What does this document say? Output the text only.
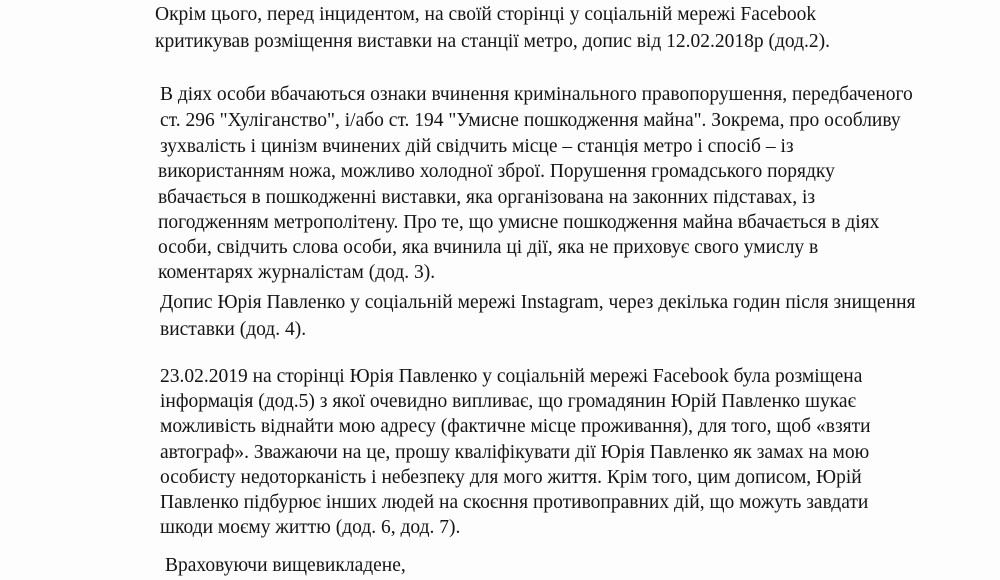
Окрім цього, перед інцидентом, на своїй сторінці у соціальній мережі Facebook
критикував розміщення виставки на станції метро, допис від 12.02.2018р (дод.2).
В діях особи вбачаються ознаки вчинення кримінального правопорушення, передбаченого
ст. 296 "Хуліганство", і/або ст. 194 "Умисне пошкодження майна". Зокрема, про особливу
зухвалість і цинізм вчинених дій свідчить місце – станція метро і спосіб – із
використанням ножа, можливо холодної зброї. Порушення громадського порядку
вбачається в пошкодженні виставки, яка організована на законних підставах, із
погодженням метрополітену. Про те, що умисне пошкодження майна вбачається в діях
особи, свідчить слова особи, яка вчинила ці дії, яка не приховує свого умислу в
коментарях журналістам (дод. 3).
Допис Юрія Павленко у соціальній мережі Instagram, через декілька годин після знищення
виставки (дод. 4).
23.02.2019 на сторінці Юрія Павленко у соціальній мережі Facebook була розміщена
інформація (дод.5) з якої очевидно випливає, що громадянин Юрій Павленко шукає
можливість віднайти мою адресу (фактичне місце проживання), для того, щоб «взяти
автограф». Зважаючи на це, прошу кваліфікувати дії Юрія Павленко як замах на мою
особисту недоторканість і небезпеку для мого життя. Крім того, цим дописом, Юрій
Павленко підбурює інших людей на скоєння противоправних дій, що можуть завдати
шкоди моєму життю (дод. 6, дод. 7).
Враховуючи вищевикладене,
